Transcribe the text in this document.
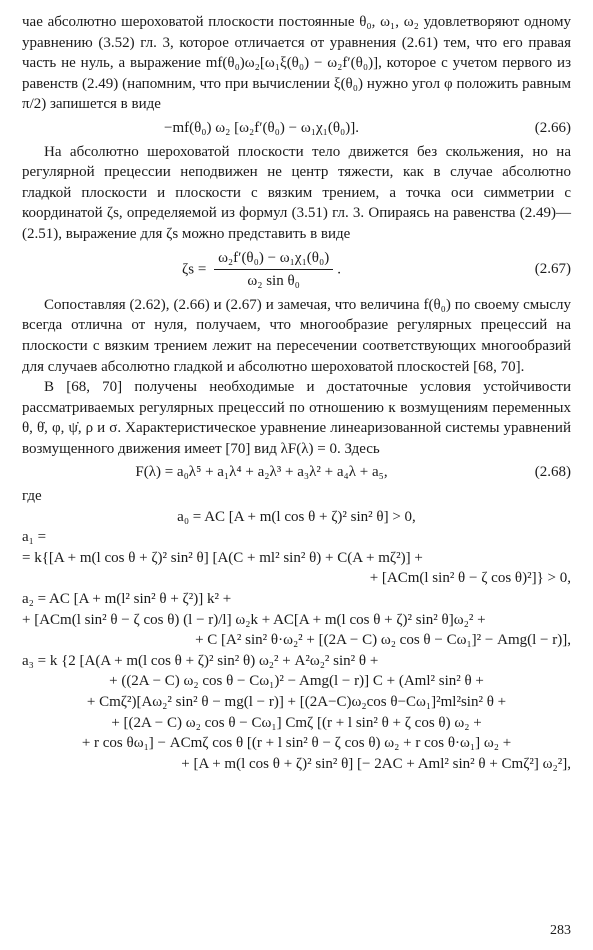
чае абсолютно шероховатой плоскости постоянные θ₀, ω₁, ω₂ удовлетворяют одному уравнению (3.52) гл. 3, которое отличается от уравнения (2.61) тем, что его правая часть не нуль, а выражение mf(θ₀)ω₂[ω₁ξ(θ₀) − ω₂f′(θ₀)], которое с учетом первого из равенств (2.49) (напомним, что при вычислении ξ(θ₀) нужно угол φ положить равным π/2) запишется в виде

−mf(θ₀) ω₂ [ω₂f′(θ₀) − ω₁χ₁(θ₀)].	(2.66)

На абсолютно шероховатой плоскости тело движется без скольжения, но на регулярной прецессии неподвижен не центр тяжести, как в случае абсолютно гладкой плоскости и плоскости с вязким трением, а точка оси симметрии с координатой ζs, определяемой из формул (3.51) гл. 3. Опираясь на равенства (2.49)—(2.51), выражение для ζs можно представить в виде

$\zeta s = \frac{\text{ω₂f′(θ₀) − ω₁χ₁(θ₀)}}{\text{ω₂ sin θ₀}}$ .	(2.67)

Сопоставляя (2.62), (2.66) и (2.67) и замечая, что величина f(θ₀) по своему смыслу всегда отлична от нуля, получаем, что многообразие регулярных прецессий на плоскости с вязким трением лежит на пересечении соответствующих многообразий для случаев абсолютно гладкой и абсолютно шероховатой плоскостей [68, 70].

В [68, 70] получены необходимые и достаточные условия устойчивости рассматриваемых регулярных прецессий по отношению к возмущениям переменных θ, θ̇, φ, ψ̇, ρ и σ. Характеристическое уравнение линеаризованной системы уравнений возмущенного движения имеет [70] вид λF(λ) = 0. Здесь

F(λ) = a₀λ⁵ + a₁λ⁴ + a₂λ³ + a₃λ² + a₄λ + a₅,	(2.68)

где

a₀ = AC [A + m(l cos θ + ζ)² sin² θ] > 0,

a₁ =

= k{[A + m(l cos θ + ζ)² sin² θ] [A(C + ml² sin² θ) + C(A + mζ²)] +

+ [ACm(l sin² θ − ζ cos θ)²]} > 0,

a₂ = AC [A + m(l² sin² θ + ζ²)] k² +

+ [ACm(l sin² θ − ζ cos θ) (l − r)/l] ω₂k + AC[A + m(l cos θ + ζ)² sin² θ]ω₂² +

+ C [A² sin² θ·ω₂² + [(2A − C) ω₂ cos θ − Cω₁]² − Amg(l − r)],

a₃ = k {2 [A(A + m(l cos θ + ζ)² sin² θ) ω₂² + A²ω₂² sin² θ +

+ ((2A − C) ω₂ cos θ − Cω₁)² − Amg(l − r)] C + (Aml² sin² θ +

+ Cmζ²)[Aω₂² sin² θ − mg(l − r)] + [(2A−C)ω₂cos θ−Cω₁]²ml²sin² θ +

+ [(2A − C) ω₂ cos θ − Cω₁] Cmζ [(r + l sin² θ + ζ cos θ) ω₂ +

+ r cos θω₁] − ACmζ cos θ [(r + l sin² θ − ζ cos θ) ω₂ + r cos θ·ω₁] ω₂ +

+ [A + m(l cos θ + ζ)² sin² θ] [− 2AC + Aml² sin² θ + Cmζ²] ω₂²],

283
